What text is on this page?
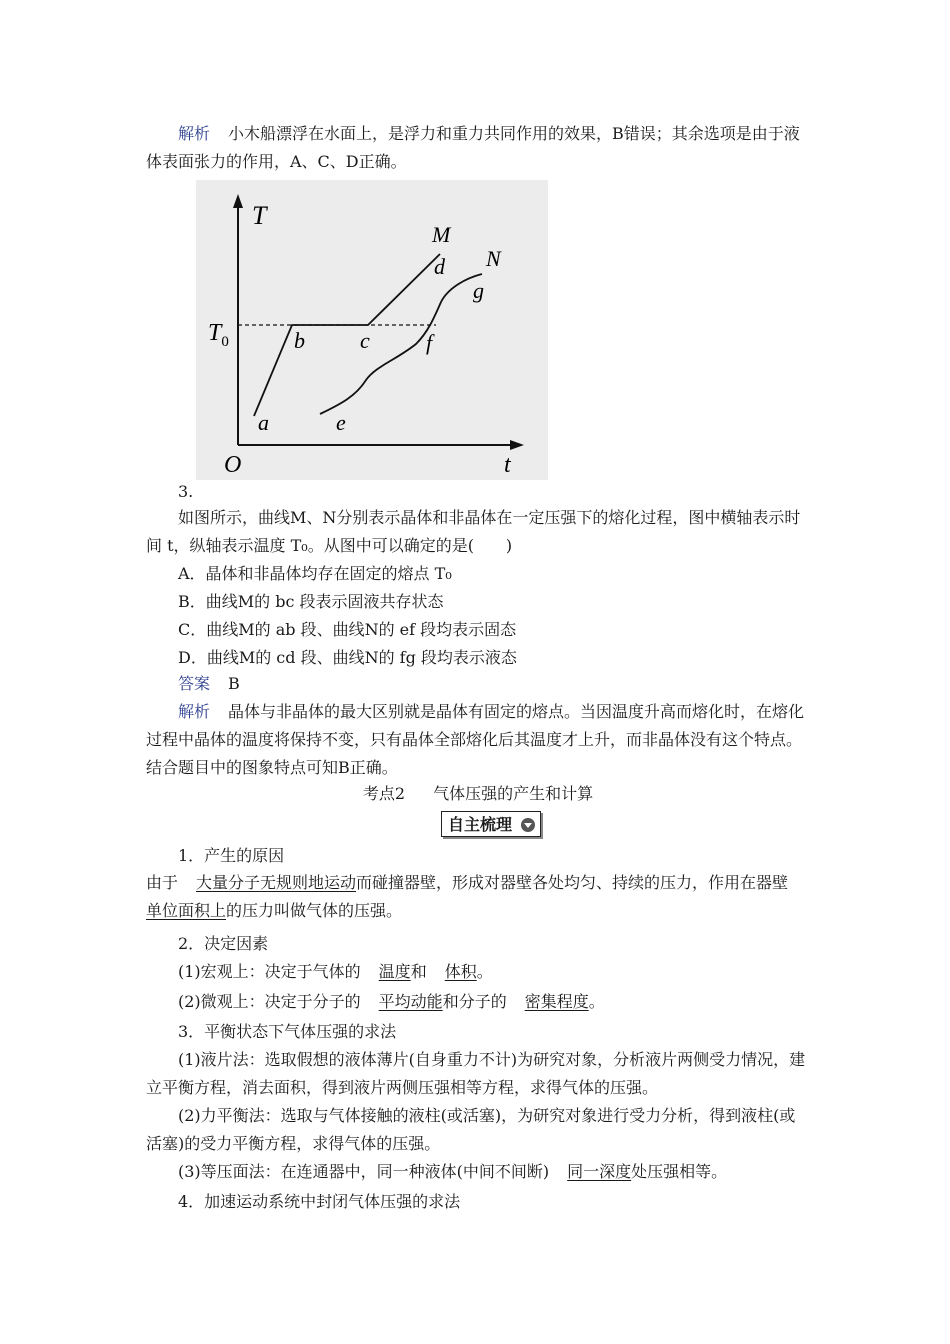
解析 小木船漂浮在水面上，是浮力和重力共同作用的效果，B错误；其余选项是由于液体表面张力的作用，A、C、D正确。
T
$T_0$
O	t
M
d N
g
b	c	f
a	e
3.
如图所示，曲线M、N分别表示晶体和非晶体在一定压强下的熔化过程，图中横轴表示时间 t，纵轴表示温度 T₀。从图中可以确定的是(　　)
A．晶体和非晶体均存在固定的熔点 T₀
B．曲线M的 bc 段表示固液共存状态
C．曲线M的 ab 段、曲线N的 ef 段均表示固态
D．曲线M的 cd 段、曲线N的 fg 段均表示液态
答案 B
解析 晶体与非晶体的最大区别就是晶体有固定的熔点。当因温度升高而熔化时，在熔化过程中晶体的温度将保持不变，只有晶体全部熔化后其温度才上升，而非晶体没有这个特点。结合题目中的图象特点可知B正确。
考点2 气体压强的产生和计算
自主梳理
1．产生的原因
由于 大量分子无规则地运动而碰撞器壁，形成对器壁各处均匀、持续的压力，作用在器壁单位面积上的压力叫做气体的压强。
2．决定因素
(1)宏观上：决定于气体的 温度和 体积。
(2)微观上：决定于分子的 平均动能和分子的 密集程度。
3．平衡状态下气体压强的求法
(1)液片法：选取假想的液体薄片(自身重力不计)为研究对象，分析液片两侧受力情况，建立平衡方程，消去面积，得到液片两侧压强相等方程，求得气体的压强。
(2)力平衡法：选取与气体接触的液柱(或活塞)，为研究对象进行受力分析，得到液柱(或活塞)的受力平衡方程，求得气体的压强。
(3)等压面法：在连通器中，同一种液体(中间不间断) 同一深度处压强相等。
4．加速运动系统中封闭气体压强的求法
